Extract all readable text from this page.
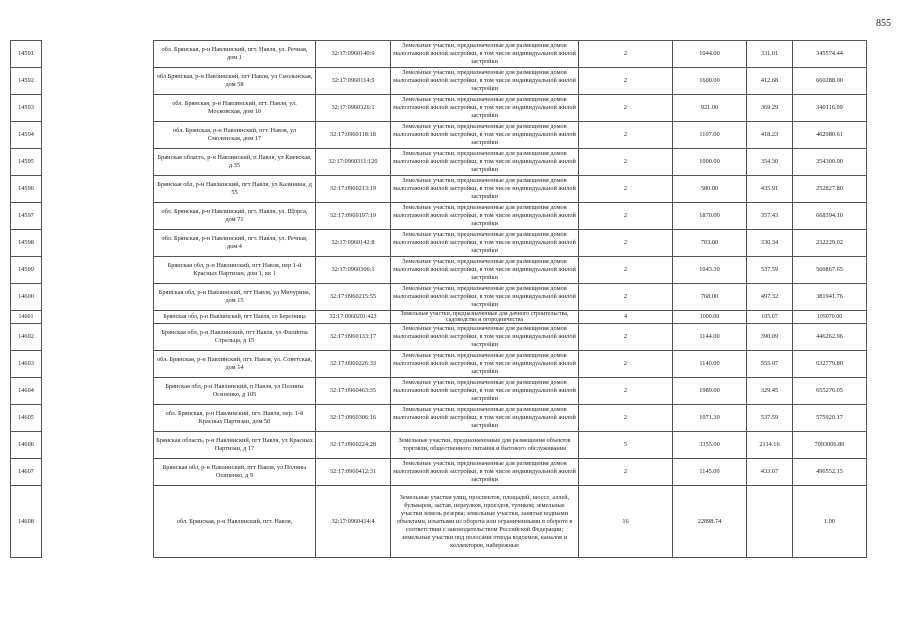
855
14591		обл. Брянская, р-н Навлинский, пгт. Навля, ул. Речная, дом 1	32:17:0960140:9	Земельные участки, предназначенные для размещения домов малоэтажной жилой застройки, в том числе индивидуальной жилой застройки	2	1044.00	331.01	345574.44
14592		обл Брянская, р-н Навлинский, пгт Навля, ул Смольнская, дом 58	32:17:0960114:5	Земельные участки, предназначенные для размещения домов малоэтажной жилой застройки, в том числе индивидуальной жилой застройки	2	1600.00	412.68	660288.00
14593		обл. Брянская, р-н Навлинский, пгт. Навля, ул. Московская, дом 10	32:17:0960326:1	Земельные участки, предназначенные для размещения домов малоэтажной жилой застройки, в том числе индивидуальной жилой застройки	2	921.00	369.29	340116.09
14594		обл. Брянская, р-н Навлинский, пгт. Навля, ул Смоленская, дом 17	32:17:0960118:18	Земельные участки, предназначенные для размещения домов малоэтажной жилой застройки, в том числе индивидуальной жилой застройки	2	1107.00	418.23	462980.61
14595		Брянская область, р-н Навлинский, п Навля, ул Киевская, д 35	32:17:0960311:120	Земельные участки, предназначенные для размещения домов малоэтажной жилой застройки, в том числе индивидуальной жилой застройки	2	1000.00	354.30	354300.00
14596		Брянская обл, р-н Навлинский, пгт Навля, ул Калинина, д 55	32:17:0960213:19	Земельные участки, предназначенные для размещения домов малоэтажной жилой застройки, в том числе индивидуальной жилой застройки	2	580.00	435.91	252827.80
14597		обл. Брянская, р-н Навлинский, пгт. Навля, ул. Щорса, дом 71	32:17:0960197:19	Земельные участки, предназначенные для размещения домов малоэтажной жилой застройки, в том числе индивидуальной жилой застройки	2	1870.00	357.43	668394.10
14598		обл. Брянская, р-н Навлинский, пгт. Навля, ул. Речная, дом 4	32:17:0960142:8	Земельные участки, предназначенные для размещения домов малоэтажной жилой застройки, в том числе индивидуальной жилой застройки	2	703.00	330.34	232229.02
14599		Брянская обл, р-н Навлинский, пгт Навля, пер 1-й Красных Партизан, дом 1, кв 1	32:17:0960306:1	Земельные участки, предназначенные для размещения домов малоэтажной жилой застройки, в том числе индивидуальной жилой застройки	2	1043.30	537.59	560867.65
14600		Брянская обл, р-н Навлинский, пгт Навля, ул Мичурина, дом 15	32:17:0960215:55	Земельные участки, предназначенные для размещения домов малоэтажной жилой застройки, в том числе индивидуальной жилой застройки	2	768.00	497.32	381941.76
14601		Брянская обл, р-н Навлинский, пгт Навля, со Березница	32:17:0960201:423	Земельные участки, предназначенные для дачного строительства, садоводства и огородничества	4	1000.00	105.07	105070.00
14602		Брянская обл, р-н Навлинский, пгт Навля, ул Филиппа Стрельца, д 15	32:17:0960133:17	Земельные участки, предназначенные для размещения домов малоэтажной жилой застройки, в том числе индивидуальной жилой застройки	2	1144.00	390.09	446262.96
14603		обл. Брянская, р-н Навлинский, пгт. Навля, ул. Советская, дом 14	32:17:0960226:33	Земельные участки, предназначенные для размещения домов малоэтажной жилой застройки, в том числе индивидуальной жилой застройки	2	1140.00	555.07	632779.80
14604		Брянская обл, р-н Навлинский, п Навля, ул Полины Осипенко, д 105	32:17:0960463:35	Земельные участки, предназначенные для размещения домов малоэтажной жилой застройки, в том числе индивидуальной жилой застройки	2	1989.00	329.45	655276.05
14605		обл. Брянская, р-н Навлинский, пгт. Навля, пер. 1-й Красных Партизан, дом 50	32:17:0960306:16	Земельные участки, предназначенные для размещения домов малоэтажной жилой застройки, в том числе индивидуальной жилой застройки	2	1071.30	537.59	575920.17
14606		Брянская область, р-н Навлинский, пгт Навля, ул Красных Партизан, д 17	32:17:0960224:28	Земельные участки, предназначенные для размещения объектов торговли, общественного питания и бытового обслуживания	5	3355.00	2114.16	7093006.80
14607		Брянская обл, р-н Навлинский, пгт Навля, ул Полины Осипенко, д 9	32:17:0960412:31	Земельные участки, предназначенные для размещения домов малоэтажной жилой застройки, в том числе индивидуальной жилой застройки	2	1145.00	433.67	496552.15
14608		обл. Брянская, р-н Навлинский, пгт. Навля,	32:17:0960414:4	Земельные участки улиц, проспектов, площадей, шоссе, аллей, бульваров, застав, переулков, проездов, тупиков; земельные участки земель резерва; земельные участки, занятые водными объектами, изъятыми из оборота или ограниченными в обороте в соответствии с законодательством Российской Федерации; земельные участки под полосами отвода водоемов, каналов и коллекторов, набережные	16	22898.74		1.00
